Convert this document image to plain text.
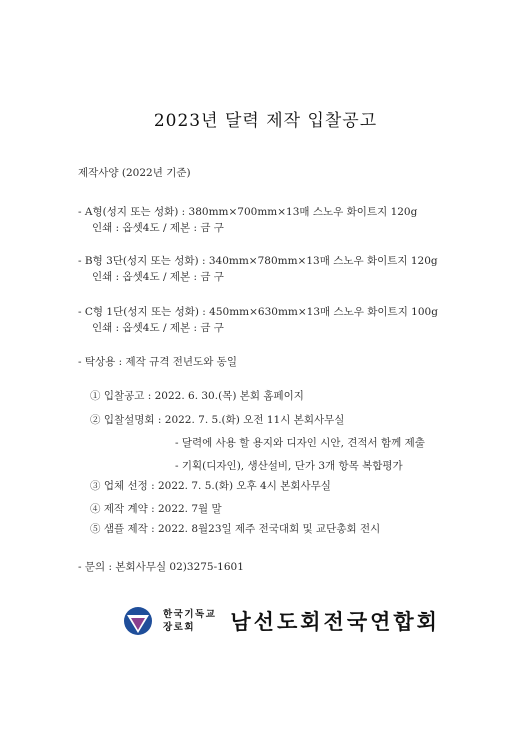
2023년 달력 제작 입찰공고
제작사양 (2022년 기준)
- A형(성지 또는 성화) : 380mm×700mm×13매 스노우 화이트지 120g
인쇄 : 옵셋4도 / 제본 : 금 구
- B형 3단(성지 또는 성화) : 340mm×780mm×13매 스노우 화이트지 120g
인쇄 : 옵셋4도 / 제본 : 금 구
- C형 1단(성지 또는 성화) : 450mm×630mm×13매 스노우 화이트지 100g
인쇄 : 옵셋4도 / 제본 : 금 구
- 탁상용 : 제작 규격 전년도와 동일
① 입찰공고 : 2022. 6. 30.(목) 본회 홈페이지
② 입찰설명회 : 2022. 7. 5.(화) 오전 11시 본회사무실
- 달력에 사용 할 용지와 디자인 시안, 견적서 함께 제출
- 기획(디자인), 생산설비, 단가 3개 항목 복합평가
③ 업체 선정 : 2022. 7. 5.(화) 오후 4시 본회사무실
④ 제작 계약 : 2022. 7월 말
⑤ 샘플 제작 : 2022. 8월23일 제주 전국대회 및 교단총회 전시
- 문의 : 본회사무실 02)3275-1601
한국기독교
장로회	남선도회전국연합회
